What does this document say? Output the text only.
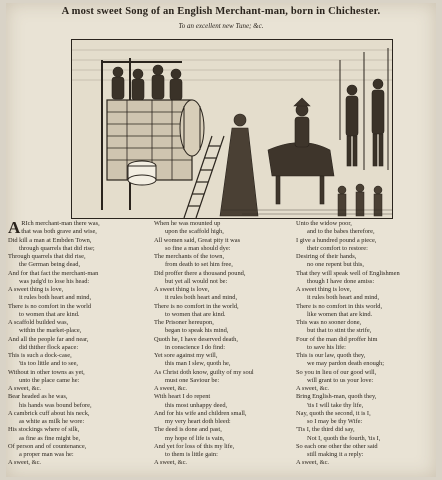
A most sweet Song of an English Merchant-man, born in Chichester.
To an excellent new Tune; &c.
A RIch merchant-man there was,
that was both grave and wise,
Did kill a man at Embden Town,
through quarrels that did rise;
Through quarrels that did rise,
the German being dead,
And for that fact the merchant-man
was judg'd to lose his head:
A sweet thing is love,
it rules both heart and mind,
There is no comfort in the world
to women that are kind.
A scaffold builded was,
within the market-place,
And all the people far and near,
did thither flock apace:
This is such a dock-case,
'tis too little and to see,
Without in other towns as yet,
unto the place came he:
A sweet, &c.
Bear headed as he was,
his hands was bound before,
A cambrick cuff about his neck,
as white as milk he wore:
His stockings where of silk,
as fine as fine might be,
Of person and of countenance,
a proper man was he:
A sweet, &c.
When he was mounted up
upon the scaffold high,
All women said, Great pity it was
so fine a man should dye:
The merchants of the town,
from death to set him free,
Did proffer there a thousand pound,
but yet all would not be:
A sweet thing is love,
it rules both heart and mind,
There is no comfort in the world,
to women that are kind.
The Prisoner hereupon,
began to speak his mind,
Quoth he, I have deserved death,
in conscience I do find:
Yet sore against my will,
this man I slew, quoth he,
As Christ doth know, guilty of my soul
must one Saviour be:
A sweet, &c.
With heart I do repent
this most unhappy deed,
And for his wife and children small,
my very heart doth bleed:
The deed is done and past,
my hope of life is vain,
And yet for loss of this my life,
to them is little gain:
A sweet, &c.
Unto the widow poor,
and to the babes therefore,
I give a hundred pound a piece,
their comfort to restore:
Desiring of their hands,
no one repent but this,
That they will speak well of Englishmen
though I have done amiss:
A sweet thing is love,
it rules both heart and mind,
There is no comfort in this world,
like women that are kind.
This was no sooner done,
but that to stint the strife,
Four of the man did proffer him
to save his life:
This is our law, quoth they,
we may pardon death enough;
So you in lieu of our good will,
will grant to us your love:
A sweet, &c.
Bring English-man, quoth they,
'tis I will take thy life,
Nay, quoth the second, it is I,
so I may be thy Wife:
'Tis I, the third did say,
Not I, quoth the fourth, 'tis I,
So each one other the other said
still making it a reply:
A sweet, &c.
